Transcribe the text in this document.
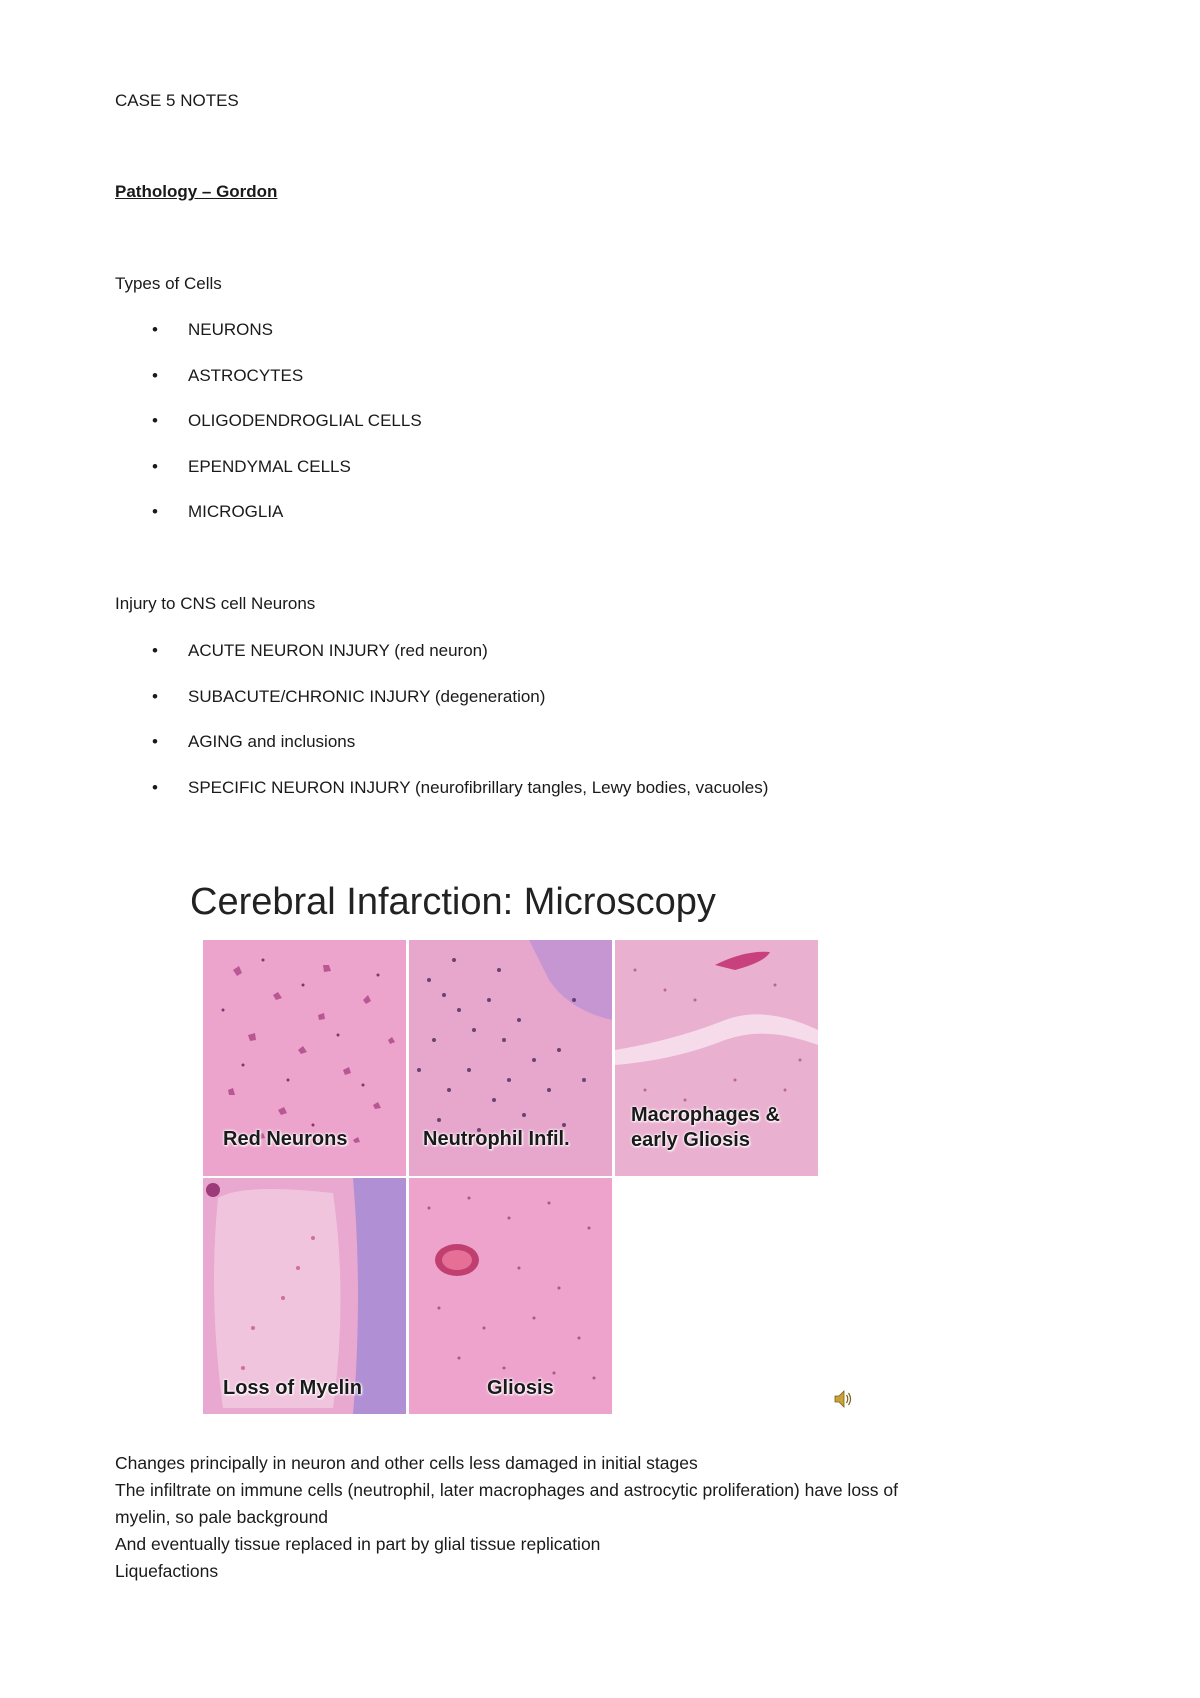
CASE 5 NOTES
Pathology – Gordon
Types of Cells
• NEURONS
• ASTROCYTES
• OLIGODENDROGLIAL CELLS
• EPENDYMAL CELLS
• MICROGLIA
Injury to CNS cell Neurons
• ACUTE NEURON INJURY (red neuron)
• SUBACUTE/CHRONIC INJURY (degeneration)
• AGING and inclusions
• SPECIFIC NEURON INJURY (neurofibrillary tangles, Lewy bodies, vacuoles)
Cerebral Infarction: Microscopy
Red Neurons	Neutrophil Infil.
Macrophages &
early Gliosis
Loss of Myelin	Gliosis

Changes principally in neuron and other cells less damaged in initial stages

The infiltrate on immune cells (neutrophil, later macrophages and astrocytic proliferation) have loss of

myelin, so pale background

And eventually tissue replaced in part by glial tissue replication

Liquefactions
